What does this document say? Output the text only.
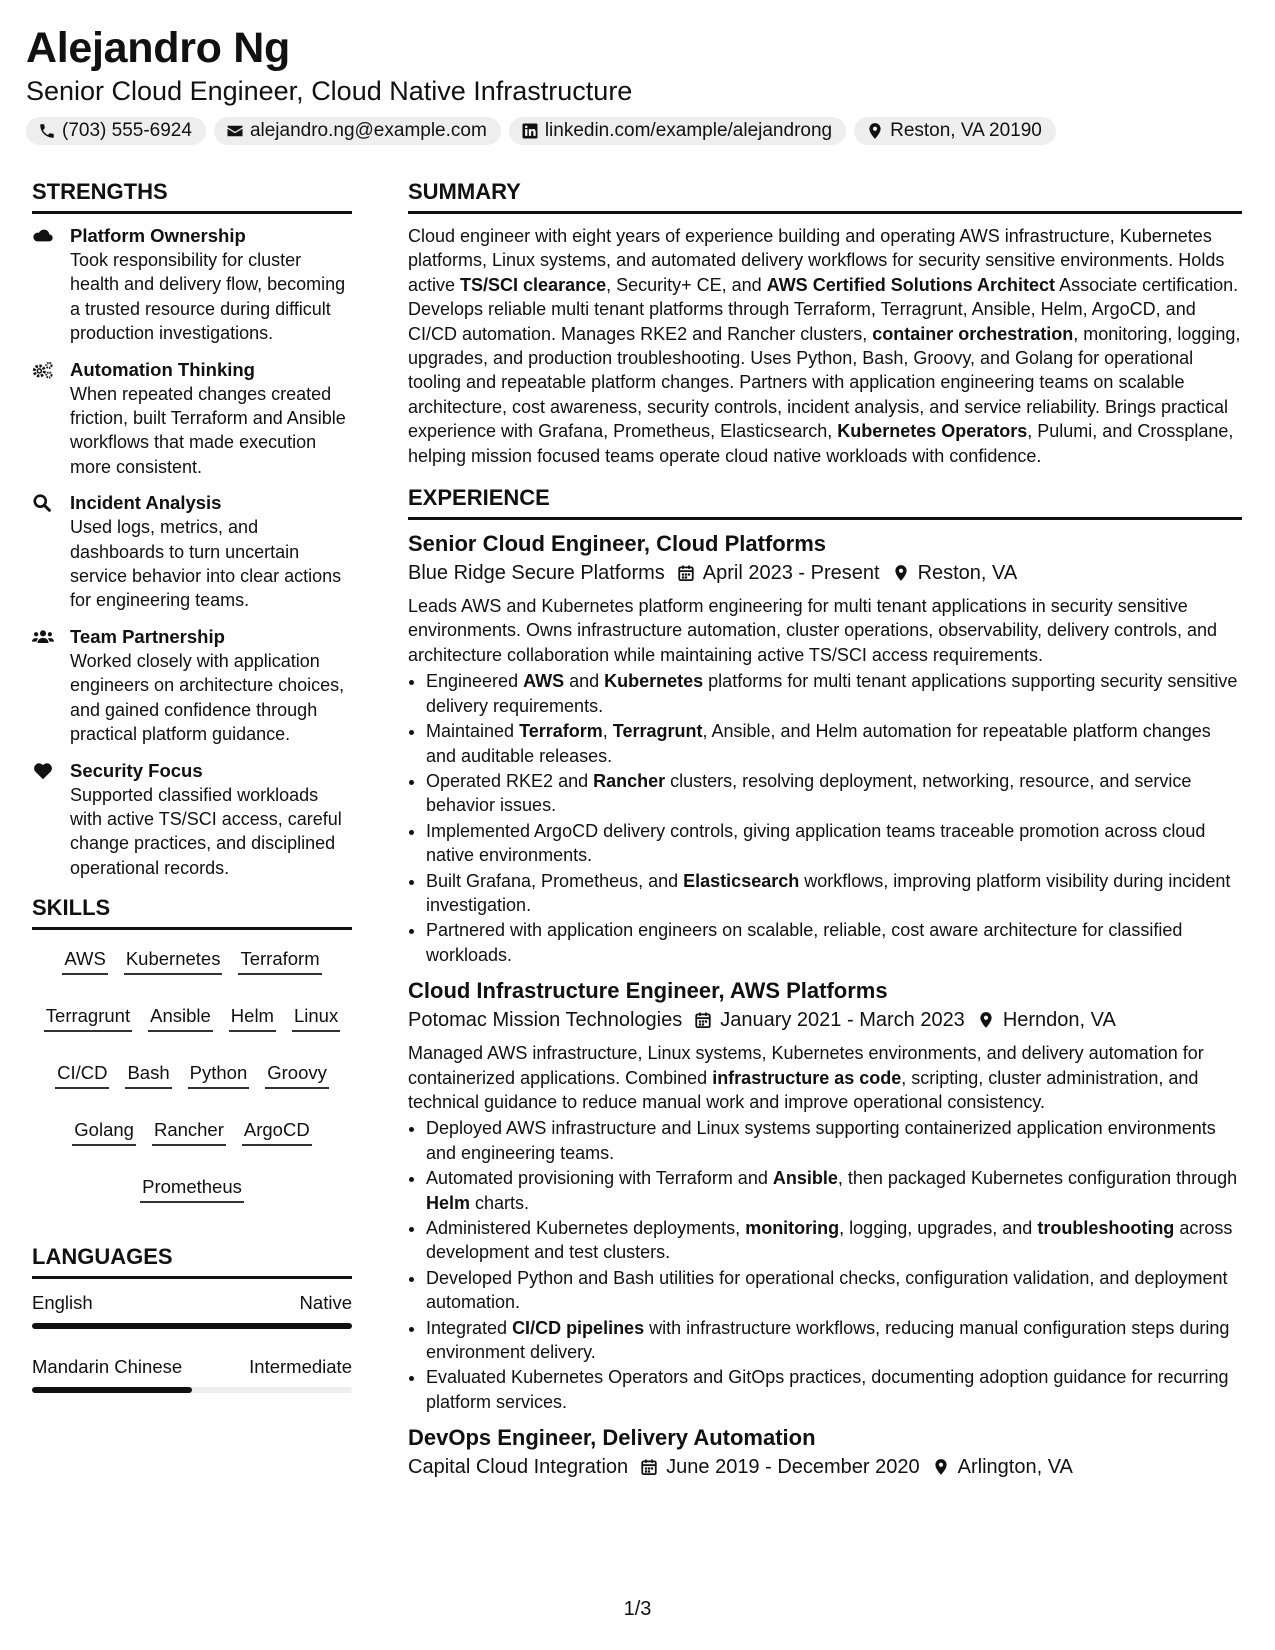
Alejandro Ng
Senior Cloud Engineer, Cloud Native Infrastructure
(703) 555-6924	alejandro.ng@example.com	linkedin.com/example/alejandrong	Reston, VA 20190
STRENGTHS
Platform Ownership
Took responsibility for cluster health and delivery flow, becoming a trusted resource during difficult production investigations.
Automation Thinking
When repeated changes created friction, built Terraform and Ansible workflows that made execution more consistent.
Incident Analysis
Used logs, metrics, and dashboards to turn uncertain service behavior into clear actions for engineering teams.
Team Partnership
Worked closely with application engineers on architecture choices, and gained confidence through practical platform guidance.
Security Focus
Supported classified workloads with active TS/SCI access, careful change practices, and disciplined operational records.
SKILLS
AWS Kubernetes Terraform
Terragrunt Ansible Helm Linux
CI/CD Bash Python Groovy
Golang Rancher ArgoCD
Prometheus
LANGUAGES
English	Native
Mandarin Chinese	Intermediate
SUMMARY
Cloud engineer with eight years of experience building and operating AWS infrastructure, Kubernetes platforms, Linux systems, and automated delivery workflows for security sensitive environments. Holds active TS/SCI clearance, Security+ CE, and AWS Certified Solutions Architect Associate certification. Develops reliable multi tenant platforms through Terraform, Terragrunt, Ansible, Helm, ArgoCD, and CI/CD automation. Manages RKE2 and Rancher clusters, container orchestration, monitoring, logging, upgrades, and production troubleshooting. Uses Python, Bash, Groovy, and Golang for operational tooling and repeatable platform changes. Partners with application engineering teams on scalable architecture, cost awareness, security controls, incident analysis, and service reliability. Brings practical experience with Grafana, Prometheus, Elasticsearch, Kubernetes Operators, Pulumi, and Crossplane, helping mission focused teams operate cloud native workloads with confidence.
EXPERIENCE
Senior Cloud Engineer, Cloud Platforms
Blue Ridge Secure Platforms April 2023 - Present Reston, VA
Leads AWS and Kubernetes platform engineering for multi tenant applications in security sensitive environments. Owns infrastructure automation, cluster operations, observability, delivery controls, and architecture collaboration while maintaining active TS/SCI access requirements.
• Engineered AWS and Kubernetes platforms for multi tenant applications supporting security sensitive delivery requirements.
• Maintained Terraform, Terragrunt, Ansible, and Helm automation for repeatable platform changes and auditable releases.
• Operated RKE2 and Rancher clusters, resolving deployment, networking, resource, and service behavior issues.
• Implemented ArgoCD delivery controls, giving application teams traceable promotion across cloud native environments.
• Built Grafana, Prometheus, and Elasticsearch workflows, improving platform visibility during incident investigation.
• Partnered with application engineers on scalable, reliable, cost aware architecture for classified workloads.
Cloud Infrastructure Engineer, AWS Platforms
Potomac Mission Technologies January 2021 - March 2023 Herndon, VA
Managed AWS infrastructure, Linux systems, Kubernetes environments, and delivery automation for containerized applications. Combined infrastructure as code, scripting, cluster administration, and technical guidance to reduce manual work and improve operational consistency.
• Deployed AWS infrastructure and Linux systems supporting containerized application environments and engineering teams.
• Automated provisioning with Terraform and Ansible, then packaged Kubernetes configuration through Helm charts.
• Administered Kubernetes deployments, monitoring, logging, upgrades, and troubleshooting across development and test clusters.
• Developed Python and Bash utilities for operational checks, configuration validation, and deployment automation.
• Integrated CI/CD pipelines with infrastructure workflows, reducing manual configuration steps during environment delivery.
• Evaluated Kubernetes Operators and GitOps practices, documenting adoption guidance for recurring platform services.
DevOps Engineer, Delivery Automation
Capital Cloud Integration June 2019 - December 2020 Arlington, VA
1/3
